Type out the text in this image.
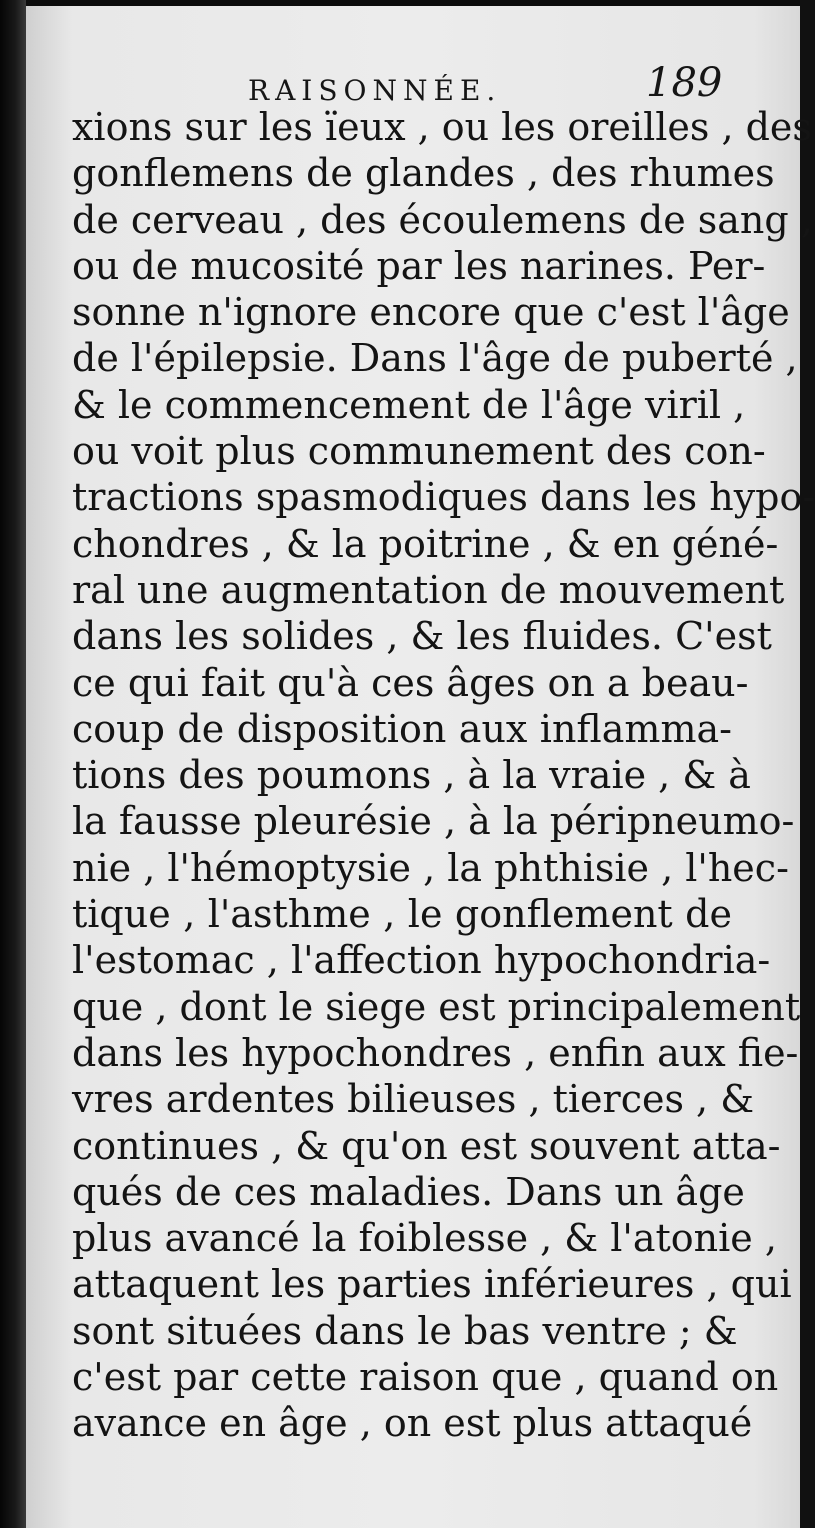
RAISONNÉE.	189
xions sur les ïeux , ou les oreilles , des
gonflemens de glandes , des rhumes
de cerveau , des écoulemens de sang ,
ou de mucosité par les narines. Per-
sonne n'ignore encore que c'est l'âge
de l'épilepsie. Dans l'âge de puberté ,
& le commencement de l'âge viril ,
ou voit plus communement des con-
tractions spasmodiques dans les hypo-
chondres , & la poitrine , & en géné-
ral une augmentation de mouvement
dans les solides , & les fluides. C'est
ce qui fait qu'à ces âges on a beau-
coup de disposition aux inflamma-
tions des poumons , à la vraie , & à
la fausse pleurésie , à la péripneumo-
nie , l'hémoptysie , la phthisie , l'hec-
tique , l'asthme , le gonflement de
l'estomac , l'affection hypochondria-
que , dont le siege est principalement
dans les hypochondres , enfin aux fie-
vres ardentes bilieuses , tierces , &
continues , & qu'on est souvent atta-
qués de ces maladies. Dans un âge
plus avancé la foiblesse , & l'atonie ,
attaquent les parties inférieures , qui
sont situées dans le bas ventre ; &
c'est par cette raison que , quand on
avance en âge , on est plus attaqué
